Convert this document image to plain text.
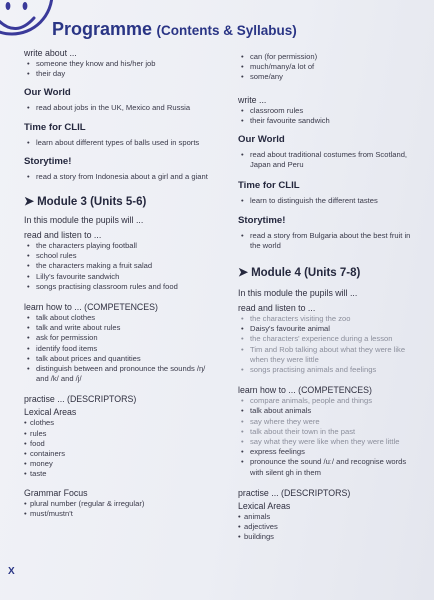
Programme (Contents & Syllabus)

write about ...

• someone they know and his/her job
• their day

Our World

• read about jobs in the UK, Mexico and Russia

Time for CLIL

• learn about different types of balls used in sports

Storytime!

• read a story from Indonesia about a girl and a giant

➤ Module 3 (Units 5-6)

In this module the pupils will ...

read and listen to ...

• the characters playing football
• school rules
• the characters making a fruit salad
• Lilly's favourite sandwich
• songs practising classroom rules and food

learn how to ... (COMPETENCES)

• talk about clothes
• talk and write about rules
• ask for permission
• identify food items
• talk about prices and quantities
• distinguish between and pronounce the sounds /ŋ/ and /k/ and /j/

practise ... (DESCRIPTORS)

Lexical Areas

• clothes
• rules
• food
• containers
• money
• taste

Grammar Focus

• plural number (regular & irregular)
• must/mustn't
• can (for permission)
• much/many/a lot of
• some/any

write ...

• classroom rules
• their favourite sandwich

Our World

• read about traditional costumes from Scotland, Japan and Peru

Time for CLIL

• learn to distinguish the different tastes

Storytime!

• read a story from Bulgaria about the best fruit in the world

➤ Module 4 (Units 7-8)

In this module the pupils will ...

read and listen to ...

• the characters visiting the zoo
• Daisy's favourite animal
• the characters' experience during a lesson
• Tim and Rob talking about what they were like when they were little
• songs practising animals and feelings

learn how to ... (COMPETENCES)

• compare animals, people and things
• talk about animals
• say where they were
• talk about their town in the past
• say what they were like when they were little
• express feelings
• pronounce the sound /uː/ and recognise words with silent gh in them

practise ... (DESCRIPTORS)

Lexical Areas

• animals
• adjectives
• buildings
X
